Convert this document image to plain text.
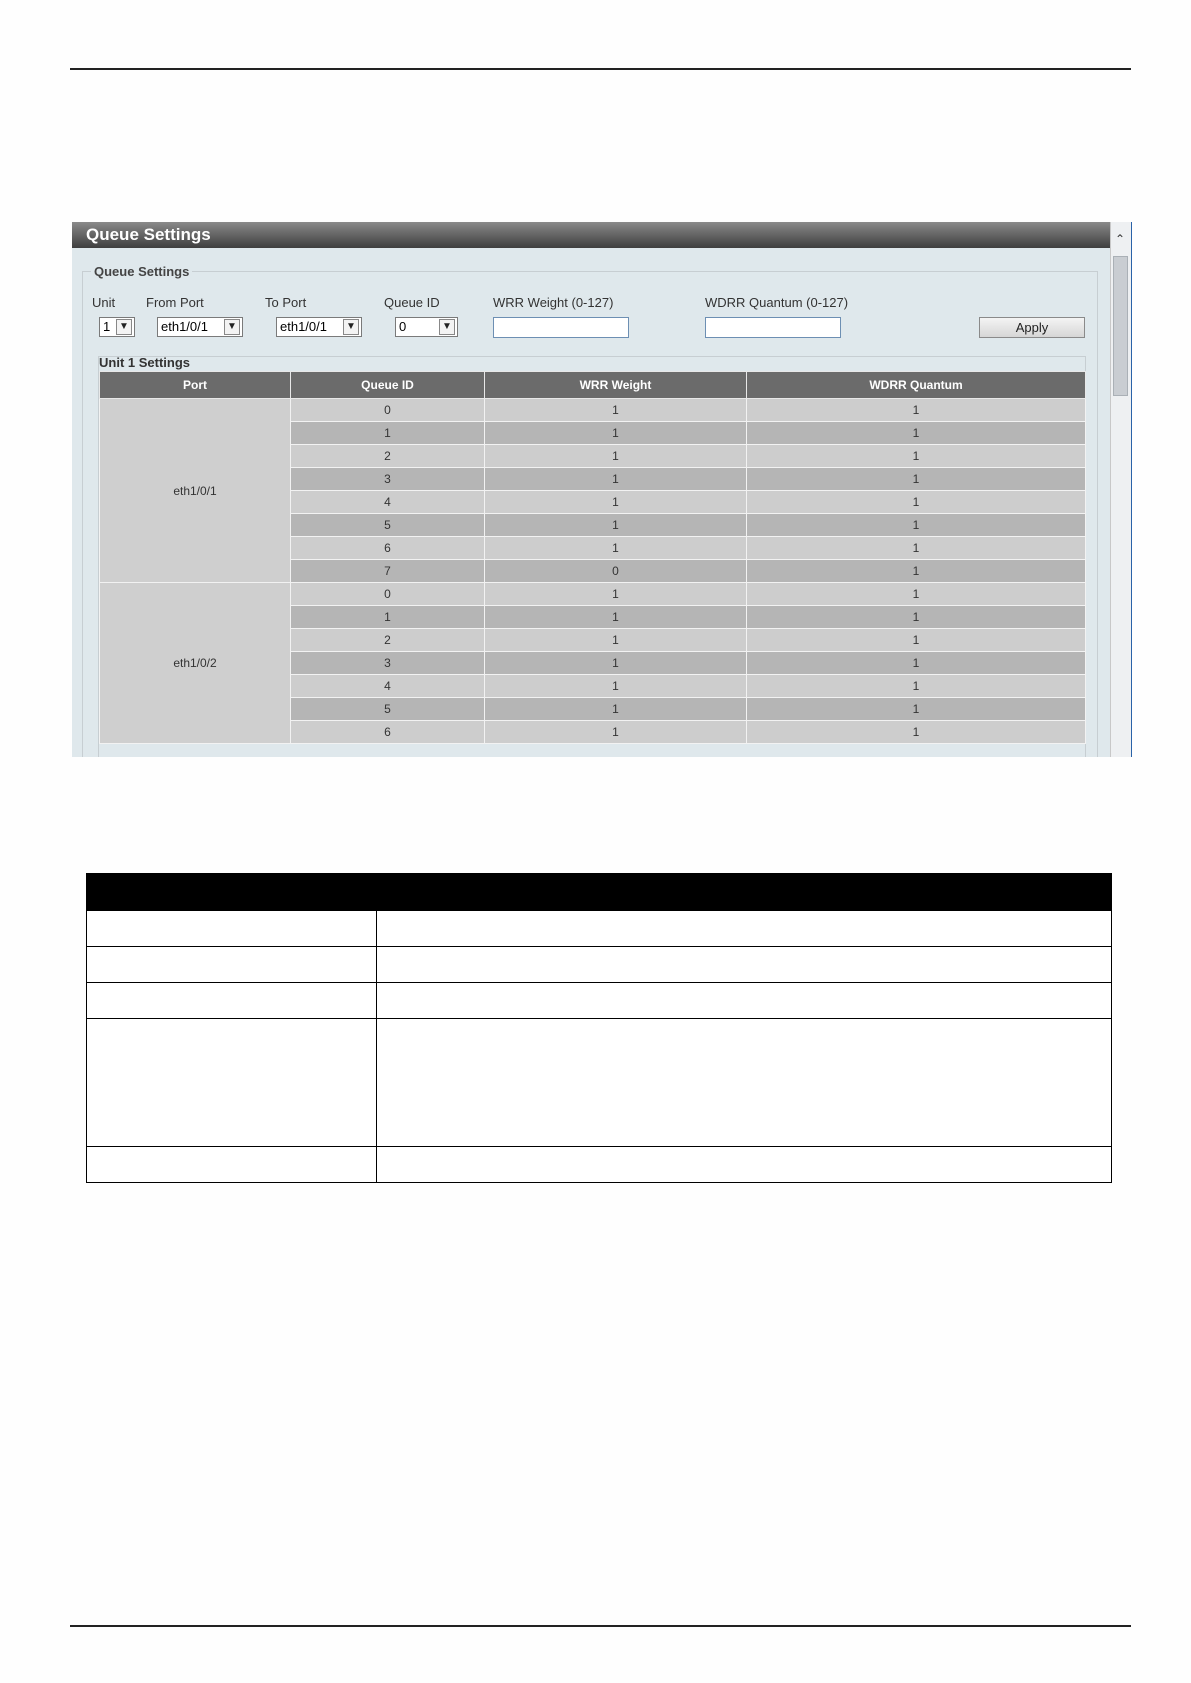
Queue Settings	⌃
Queue Settings
Unit From Port	To Port	Queue ID	WRR Weight (0-127)	WDRR Quantum (0-127)
1 ▼	eth1/0/1	▼	eth1/0/1	▼	0	▼	Apply
Unit 1 Settings
Port	Queue ID	WRR Weight	WDRR Quantum
eth1/0/1	0	1	1
	1	1	1
	2	1	1
	3	1	1
	4	1	1
	5	1	1
	6	1	1
	7	0	1
eth1/0/2	0	1	1
	1	1	1
	2	1	1
	3	1	1
	4	1	1
	5	1	1
	6	1	1
